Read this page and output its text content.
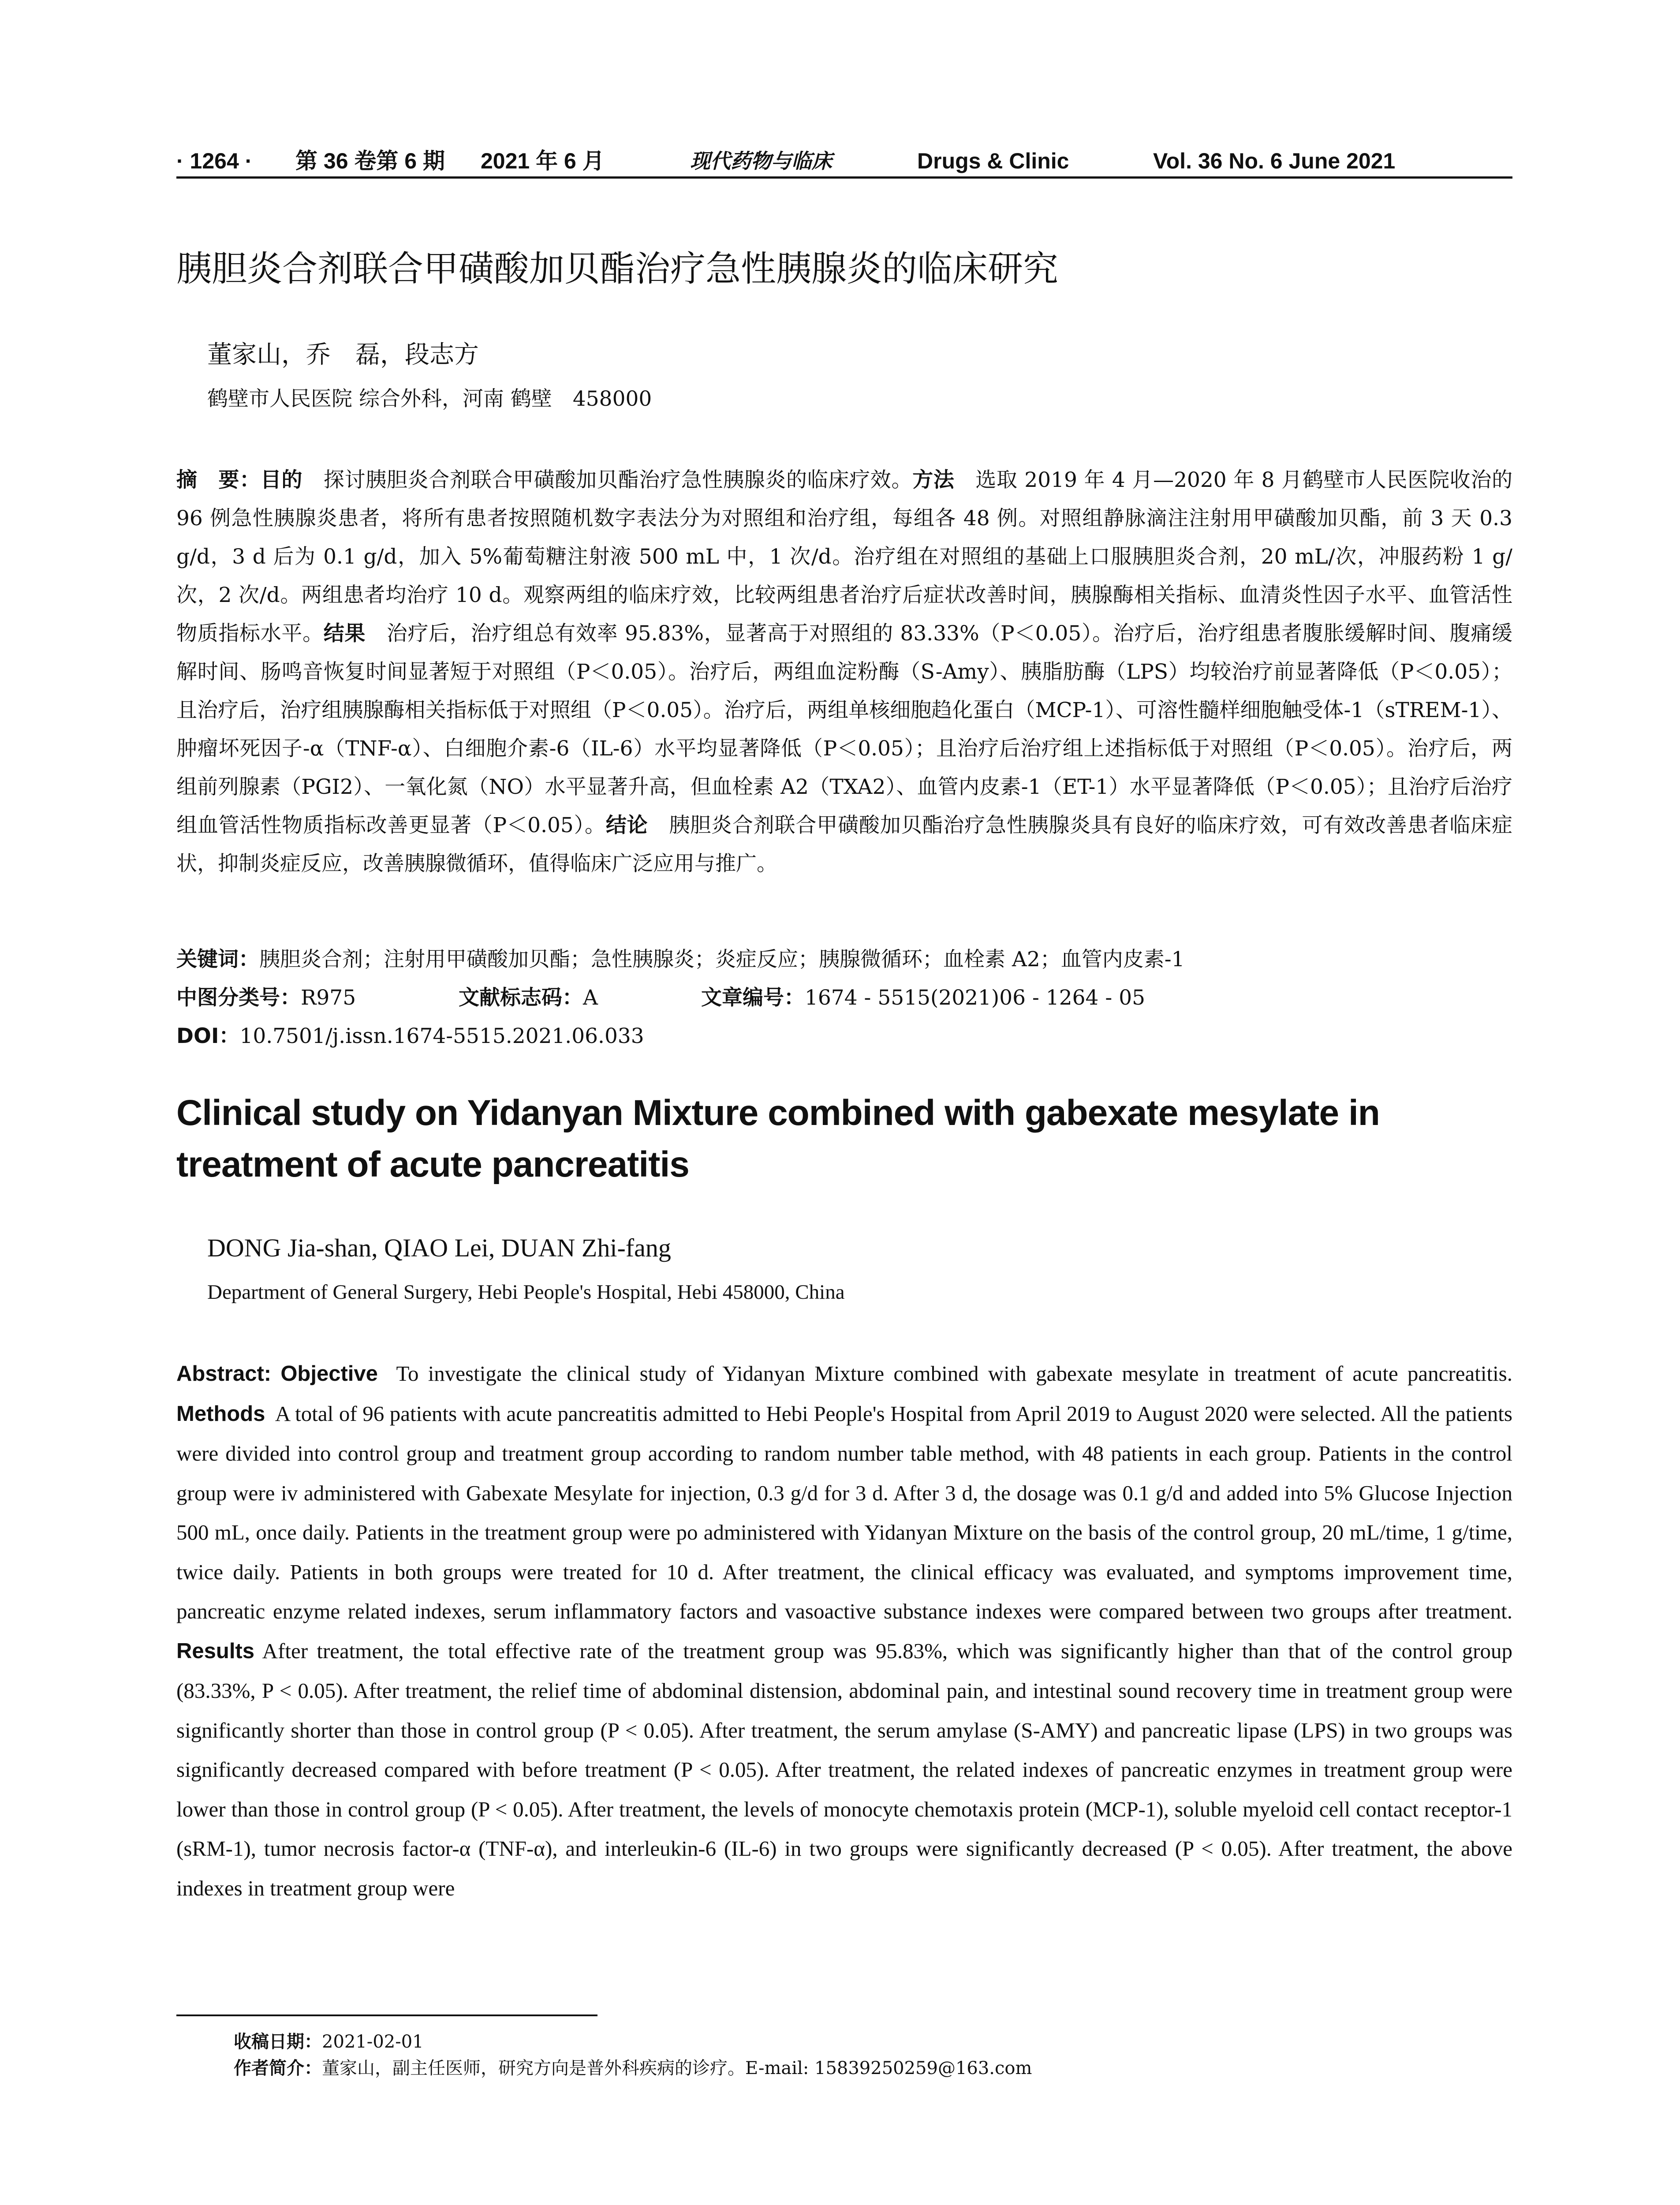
· 1264 · 第 36 卷第 6 期 2021 年 6 月	现代药物与临床	Drugs & Clinic	Vol. 36 No. 6 June 2021
胰胆炎合剂联合甲磺酸加贝酯治疗急性胰腺炎的临床研究
董家山，乔　磊，段志方
鹤壁市人民医院 综合外科，河南 鹤壁　458000
摘　要：目的　 探讨胰胆炎合剂联合甲磺酸加贝酯治疗急性胰腺炎的临床疗效。方法　 选取 2019 年 4 月—2020 年 8 月鹤壁市人民医院收治的 96 例急性胰腺炎患者，将所有患者按照随机数字表法分为对照组和治疗组，每组各 48 例。对照组静脉滴注注射用甲磺酸加贝酯，前 3 天 0.3 g/d，3 d 后为 0.1 g/d，加入 5%葡萄糖注射液 500 mL 中，1 次/d。治疗组在对照组的基础上口服胰胆炎合剂，20 mL/次，冲服药粉 1 g/次，2 次/d。两组患者均治疗 10 d。观察两组的临床疗效，比较两组患者治疗后症状改善时间，胰腺酶相关指标、血清炎性因子水平、血管活性物质指标水平。结果　 治疗后，治疗组总有效率 95.83%，显著高于对照组的 83.33%（P＜0.05）。治疗后，治疗组患者腹胀缓解时间、腹痛缓解时间、肠鸣音恢复时间显著短于对照组（P＜0.05）。治疗后，两组血淀粉酶（S-Amy）、胰脂肪酶（LPS）均较治疗前显著降低（P＜0.05）；且治疗后，治疗组胰腺酶相关指标低于对照组（P＜0.05）。治疗后，两组单核细胞趋化蛋白（MCP-1）、可溶性髓样细胞触受体-1（sTREM-1）、肿瘤坏死因子-α（TNF-α）、白细胞介素-6（IL-6）水平均显著降低（P＜0.05）；且治疗后治疗组上述指标低于对照组（P＜0.05）。治疗后，两组前列腺素（PGI2）、一氧化氮（NO）水平显著升高，但血栓素 A2（TXA2）、血管内皮素-1（ET-1）水平显著降低（P＜0.05）；且治疗后治疗组血管活性物质指标改善更显著（P＜0.05）。结论　 胰胆炎合剂联合甲磺酸加贝酯治疗急性胰腺炎具有良好的临床疗效，可有效改善患者临床症状，抑制炎症反应，改善胰腺微循环，值得临床广泛应用与推广。
关键词：胰胆炎合剂；注射用甲磺酸加贝酯；急性胰腺炎；炎症反应；胰腺微循环；血栓素 A2；血管内皮素-1
中图分类号：R975	文献标志码：A	文章编号：1674 - 5515(2021)06 - 1264 - 05
DOI：10.7501/j.issn.1674-5515.2021.06.033
Clinical study on Yidanyan Mixture combined with gabexate mesylate in treatment of acute pancreatitis
DONG Jia-shan, QIAO Lei, DUAN Zhi-fang
Department of General Surgery, Hebi People's Hospital, Hebi 458000, China
Abstract: Objective To investigate the clinical study of Yidanyan Mixture combined with gabexate mesylate in treatment of acute pancreatitis. Methods A total of 96 patients with acute pancreatitis admitted to Hebi People's Hospital from April 2019 to August 2020 were selected. All the patients were divided into control group and treatment group according to random number table method, with 48 patients in each group. Patients in the control group were iv administered with Gabexate Mesylate for injection, 0.3 g/d for 3 d. After 3 d, the dosage was 0.1 g/d and added into 5% Glucose Injection 500 mL, once daily. Patients in the treatment group were po administered with Yidanyan Mixture on the basis of the control group, 20 mL/time, 1 g/time, twice daily. Patients in both groups were treated for 10 d. After treatment, the clinical efficacy was evaluated, and symptoms improvement time, pancreatic enzyme related indexes, serum inflammatory factors and vasoactive substance indexes were compared between two groups after treatment. Results After treatment, the total effective rate of the treatment group was 95.83%, which was significantly higher than that of the control group (83.33%, P < 0.05). After treatment, the relief time of abdominal distension, abdominal pain, and intestinal sound recovery time in treatment group were significantly shorter than those in control group (P < 0.05). After treatment, the serum amylase (S-AMY) and pancreatic lipase (LPS) in two groups was significantly decreased compared with before treatment (P < 0.05). After treatment, the related indexes of pancreatic enzymes in treatment group were lower than those in control group (P < 0.05). After treatment, the levels of monocyte chemotaxis protein (MCP-1), soluble myeloid cell contact receptor-1 (sRM-1), tumor necrosis factor-α (TNF-α), and interleukin-6 (IL-6) in two groups were significantly decreased (P < 0.05). After treatment, the above indexes in treatment group were
收稿日期：2021-02-01
作者简介：董家山，副主任医师，研究方向是普外科疾病的诊疗。E-mail: 15839250259@163.com
